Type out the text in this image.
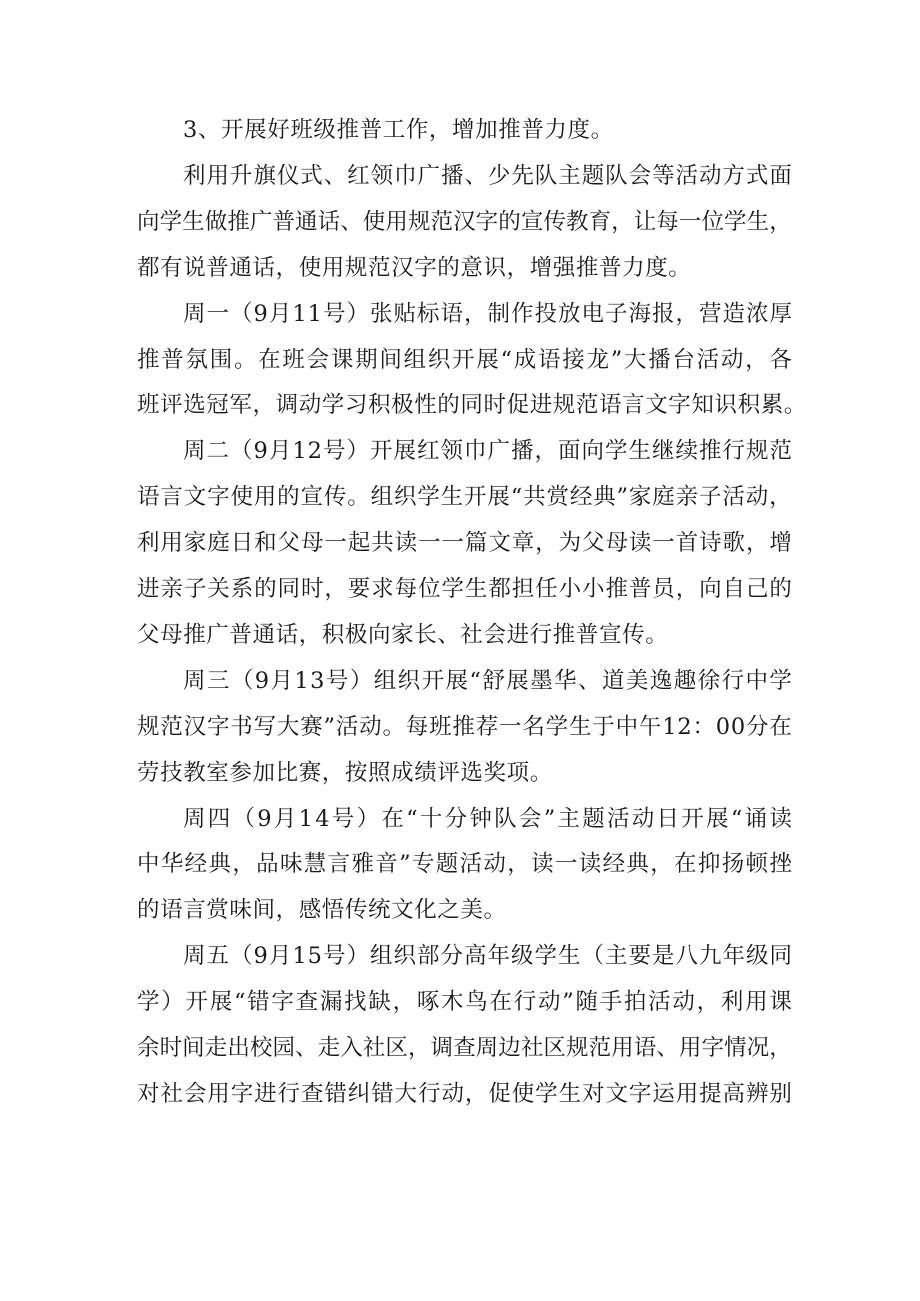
3、开展好班级推普工作，增加推普力度。
利 用 升 旗 仪 式 、 红 领 巾 广 播 、 少 先 队 主 题 队 会 等 活 动 方 式 面
向 学 生 做 推 广 普 通 话 、 使 用 规 范 汉 字 的 宣 传 教 育 ， 让 每 一 位 学 生 ，
都有说普通话，使用规范汉字的意识，增强推普力度。
周 一 （ 9 月 1 1 号 ） 张 贴 标 语 ， 制 作 投 放 电 子 海 报 ， 营 造 浓 厚
推 普 氛 围 。 在 班 会 课 期 间 组 织 开 展 “ 成 语 接 龙 ” 大 播 台 活 动 ， 各
班评选冠军，调动学习积极性的同时促进规范语言文字知识积累。
周 二 （ 9 月 1 2 号 ） 开 展 红 领 巾 广 播 ， 面 向 学 生 继 续 推 行 规 范
语 言 文 字 使 用 的 宣 传 。 组 织 学 生 开 展 “ 共 赏 经 典 ” 家 庭 亲 子 活 动 ，
利 用 家 庭 日 和 父 母 一 起 共 读 一 一 篇 文 章 ， 为 父 母 读 一 首 诗 歌 ， 增
进 亲 子 关 系 的 同 时 ， 要 求 每 位 学 生 都 担 任 小 小 推 普 员 ， 向 自 己 的
父母推广普通话，积极向家长、社会进行推普宣传。
周 三 （ 9 月 1 3 号 ） 组 织 开 展 “ 舒 展 墨 华 、 道 美 逸 趣 徐 行 中 学
规 范 汉 字 书 写 大 赛 ” 活 动 。 每 班 推 荐 一 名 学 生 于 中 午 1 2 ： 0 0 分 在
劳技教室参加比赛，按照成绩评选奖项。
周 四 （ 9 月 1 4 号 ） 在 “ 十 分 钟 队 会 ” 主 题 活 动 日 开 展 “ 诵 读
中 华 经 典 ， 品 味 慧 言 雅 音 ” 专 题 活 动 ， 读 一 读 经 典 ， 在 抑 扬 顿 挫
的语言赏味间，感悟传统文化之美。
周 五 （ 9 月 1 5 号 ） 组 织 部 分 高 年 级 学 生 （ 主 要 是 八 九 年 级 同
学 ） 开 展 “ 错 字 查 漏 找 缺 ， 啄 木 鸟 在 行 动 ” 随 手 拍 活 动 ， 利 用 课
余 时 间 走 出 校 园 、 走 入 社 区 ， 调 查 周 边 社 区 规 范 用 语 、 用 字 情 况 ，
对 社 会 用 字 进 行 查 错 纠 错 大 行 动 ， 促 使 学 生 对 文 字 运 用 提 高 辨 别
